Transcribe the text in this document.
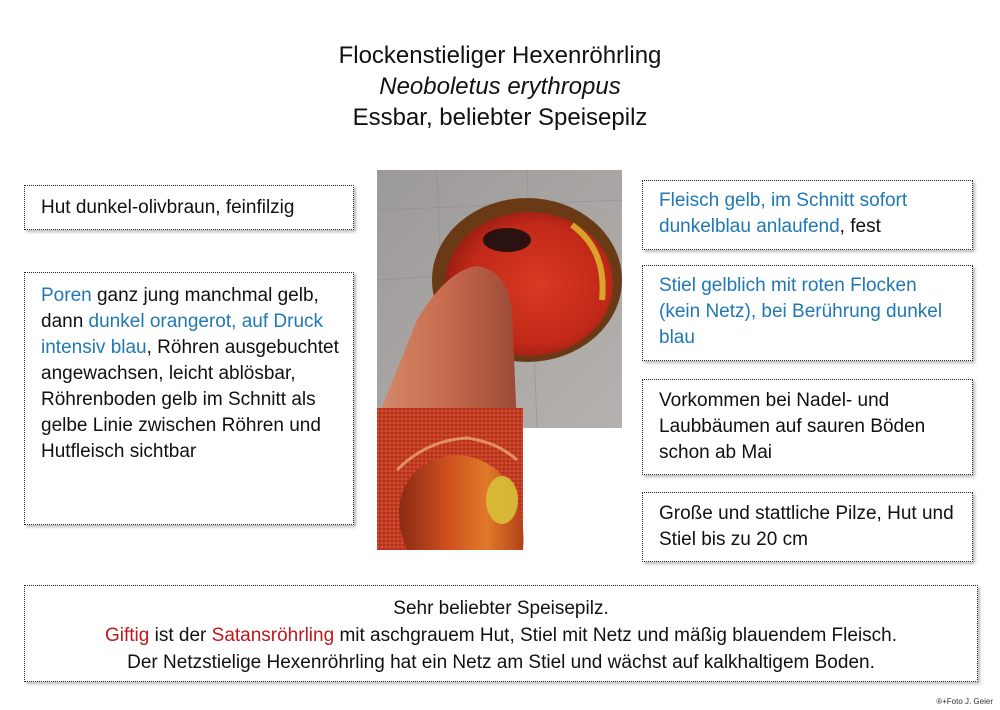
Flockenstieliger Hexenröhrling
Neoboletus erythropus
Essbar, beliebter Speisepilz
Hut dunkel-olivbraun, feinfilzig
Poren ganz jung manchmal gelb, dann dunkel orangerot, auf Druck intensiv blau, Röhren ausgebuchtet angewachsen, leicht ablösbar, Röhrenboden gelb im Schnitt als gelbe Linie zwischen Röhren und Hutfleisch sichtbar
Fleisch gelb, im Schnitt sofort dunkelblau anlaufend, fest
Stiel gelblich mit roten Flocken (kein Netz), bei Berührung dunkel blau
Vorkommen bei Nadel- und Laubbäumen auf sauren Böden schon ab Mai
Große und stattliche Pilze, Hut und Stiel bis zu 20 cm
Sehr beliebter Speisepilz.
Giftig ist der Satansröhrling mit aschgrauem Hut, Stiel mit Netz und mäßig blauendem Fleisch.
Der Netzstielige Hexenröhrling hat ein Netz am Stiel und wächst auf kalkhaltigem Boden.
®+Foto J. Geier
